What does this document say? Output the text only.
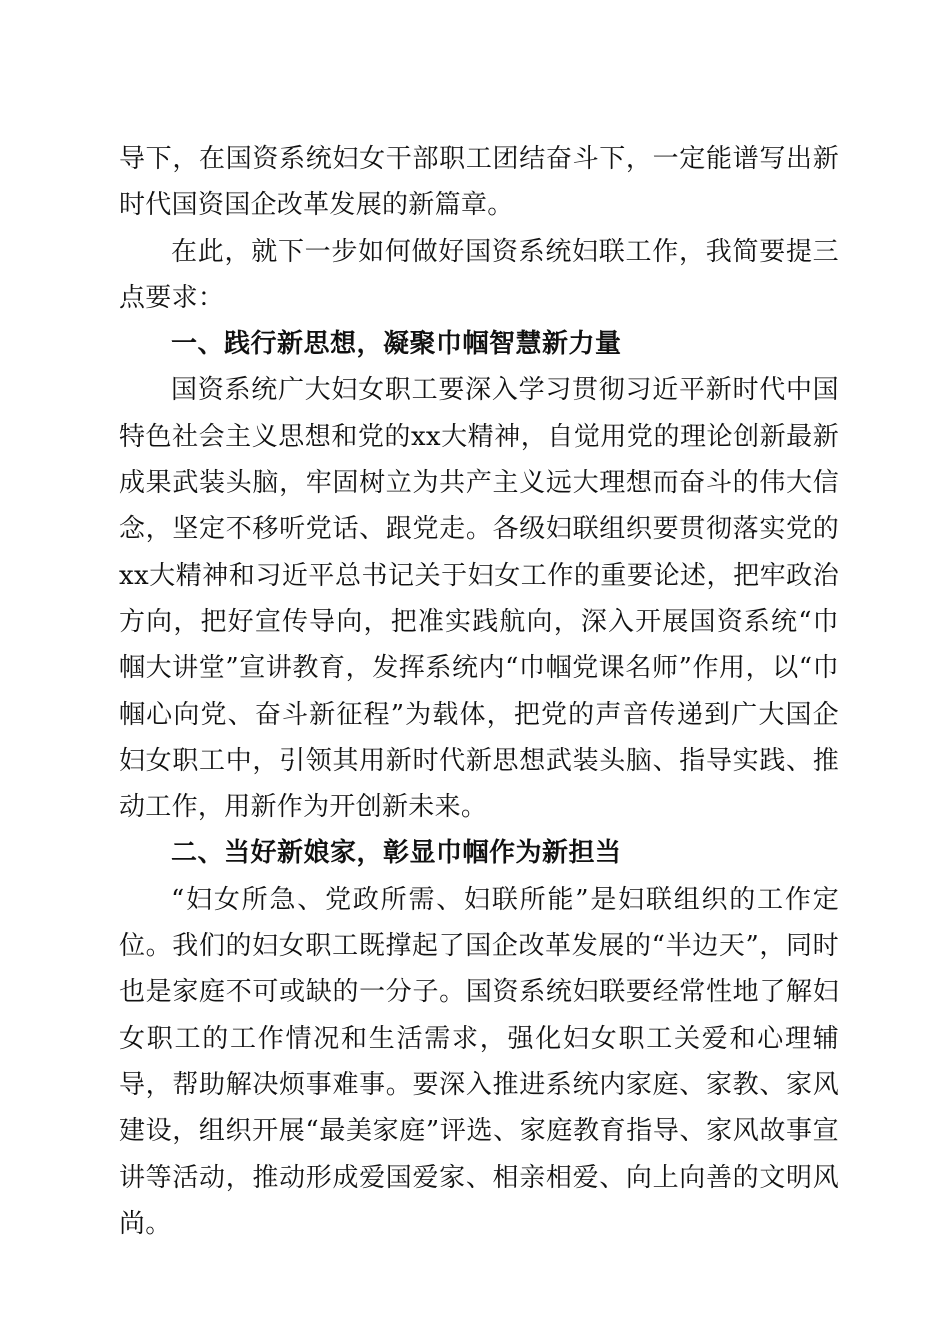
导下，在国资系统妇女干部职工团结奋斗下，一定能谱写出新时代国资国企改革发展的新篇章。

在此，就下一步如何做好国资系统妇联工作，我简要提三点要求：

一、践行新思想，凝聚巾帼智慧新力量

国资系统广大妇女职工要深入学习贯彻习近平新时代中国特色社会主义思想和党的xx大精神，自觉用党的理论创新最新成果武装头脑，牢固树立为共产主义远大理想而奋斗的伟大信念，坚定不移听党话、跟党走。各级妇联组织要贯彻落实党的xx大精神和习近平总书记关于妇女工作的重要论述，把牢政治方向，把好宣传导向，把准实践航向，深入开展国资系统“巾帼大讲堂”宣讲教育，发挥系统内“巾帼党课名师”作用，以“巾帼心向党、奋斗新征程”为载体，把党的声音传递到广大国企妇女职工中，引领其用新时代新思想武装头脑、指导实践、推动工作，用新作为开创新未来。

二、当好新娘家，彰显巾帼作为新担当

“妇女所急、党政所需、妇联所能”是妇联组织的工作定位。我们的妇女职工既撑起了国企改革发展的“半边天”，同时也是家庭不可或缺的一分子。国资系统妇联要经常性地了解妇女职工的工作情况和生活需求，强化妇女职工关爱和心理辅导，帮助解决烦事难事。要深入推进系统内家庭、家教、家风建设，组织开展“最美家庭”评选、家庭教育指导、家风故事宣讲等活动，推动形成爱国爱家、相亲相爱、向上向善的文明风尚。
